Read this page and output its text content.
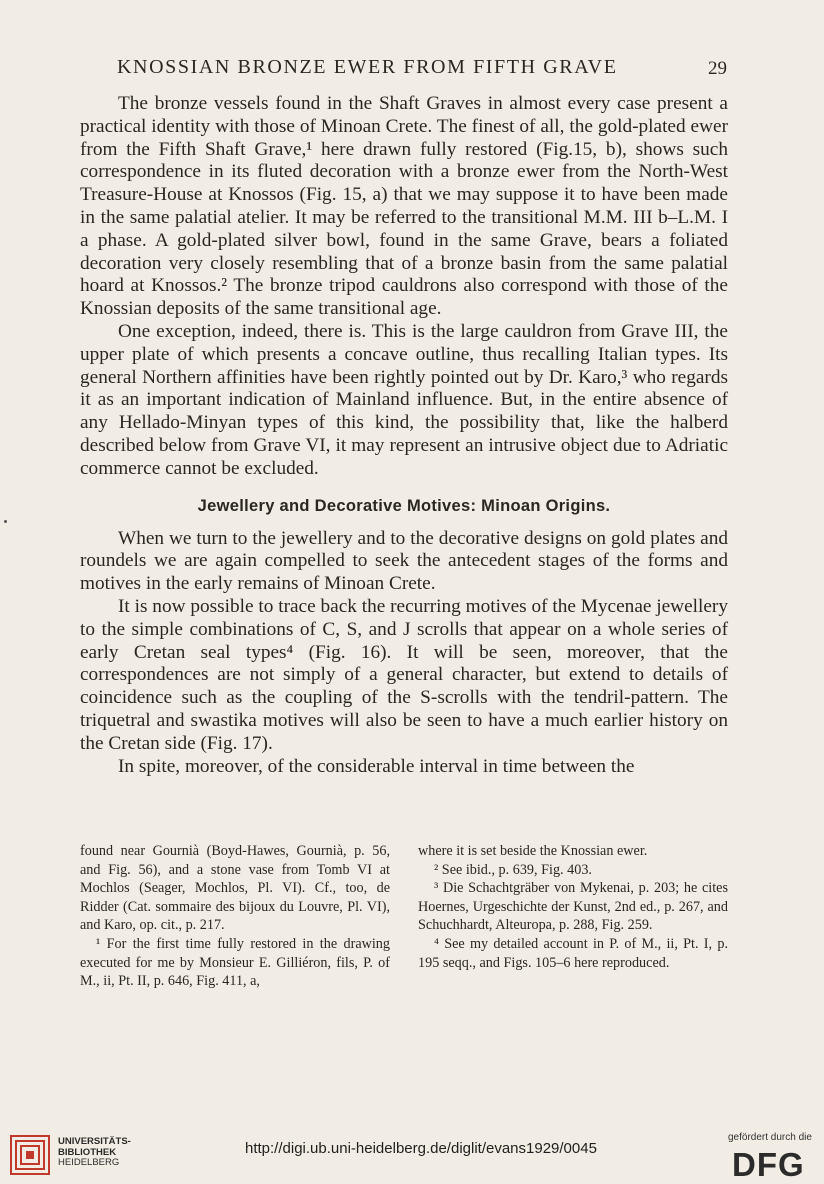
KNOSSIAN BRONZE EWER FROM FIFTH GRAVE	29

The bronze vessels found in the Shaft Graves in almost every case present a practical identity with those of Minoan Crete. The finest of all, the gold-plated ewer from the Fifth Shaft Grave,¹ here drawn fully restored (Fig.15, b), shows such correspondence in its fluted decoration with a bronze ewer from the North-West Treasure-House at Knossos (Fig. 15, a) that we may suppose it to have been made in the same palatial atelier. It may be referred to the transitional M.M. III b–L.M. I a phase. A gold-plated silver bowl, found in the same Grave, bears a foliated decoration very closely resembling that of a bronze basin from the same palatial hoard at Knossos.² The bronze tripod cauldrons also correspond with those of the Knossian deposits of the same transitional age.

One exception, indeed, there is. This is the large cauldron from Grave III, the upper plate of which presents a concave outline, thus recalling Italian types. Its general Northern affinities have been rightly pointed out by Dr. Karo,³ who regards it as an important indication of Mainland influence. But, in the entire absence of any Hellado-Minyan types of this kind, the possibility that, like the halberd described below from Grave VI, it may represent an intrusive object due to Adriatic commerce cannot be excluded.

Jewellery and Decorative Motives: Minoan Origins.

When we turn to the jewellery and to the decorative designs on gold plates and roundels we are again compelled to seek the antecedent stages of the forms and motives in the early remains of Minoan Crete.

It is now possible to trace back the recurring motives of the Mycenae jewellery to the simple combinations of C, S, and J scrolls that appear on a whole series of early Cretan seal types⁴ (Fig. 16). It will be seen, moreover, that the correspondences are not simply of a general character, but extend to details of coincidence such as the coupling of the S-scrolls with the tendril-pattern. The triquetral and swastika motives will also be seen to have a much earlier history on the Cretan side (Fig. 17).

In spite, moreover, of the considerable interval in time between the

found near Gournià (Boyd-Hawes, Gournià, p. 56, and Fig. 56), and a stone vase from Tomb VI at Mochlos (Seager, Mochlos, Pl. VI). Cf., too, de Ridder (Cat. sommaire des bijoux du Louvre, Pl. VI), and Karo, op. cit., p. 217.

¹ For the first time fully restored in the drawing executed for me by Monsieur E. Gilliéron, fils, P. of M., ii, Pt. II, p. 646, Fig. 411, a,

where it is set beside the Knossian ewer.

² See ibid., p. 639, Fig. 403.

³ Die Schachtgräber von Mykenai, p. 203; he cites Hoernes, Urgeschichte der Kunst, 2nd ed., p. 267, and Schuchhardt, Alteuropa, p. 288, Fig. 259.

⁴ See my detailed account in P. of M., ii, Pt. I, p. 195 seqq., and Figs. 105–6 here reproduced.

UNIVERSITÄTS-
BIBLIOTHEK
HEIDELBERG
http://digi.ub.uni-heidelberg.de/diglit/evans1929/0045
gefördert durch die
DFG
